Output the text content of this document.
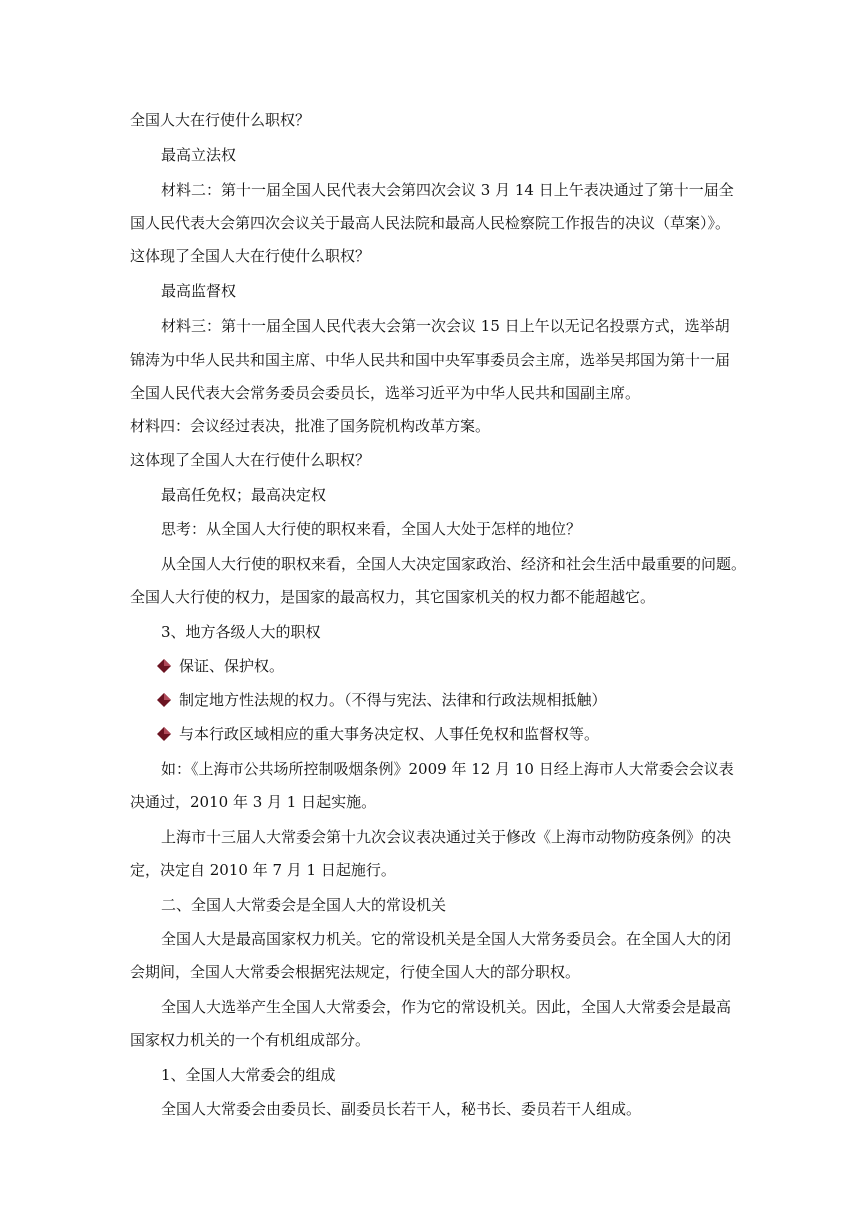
全国人大在行使什么职权？
最高立法权
材料二：第十一届全国人民代表大会第四次会议 3 月 14 日上午表决通过了第十一届全
国人民代表大会第四次会议关于最高人民法院和最高人民检察院工作报告的决议（草案）》。
这体现了全国人大在行使什么职权？
最高监督权
材料三：第十一届全国人民代表大会第一次会议 15 日上午以无记名投票方式，选举胡
锦涛为中华人民共和国主席、中华人民共和国中央军事委员会主席，选举吴邦国为第十一届
全国人民代表大会常务委员会委员长，选举习近平为中华人民共和国副主席。
材料四：会议经过表决，批准了国务院机构改革方案。
这体现了全国人大在行使什么职权？
最高任免权；最高决定权
思考：从全国人大行使的职权来看，全国人大处于怎样的地位？
从全国人大行使的职权来看，全国人大决定国家政治、经济和社会生活中最重要的问题。
全国人大行使的权力，是国家的最高权力，其它国家机关的权力都不能超越它。
3、地方各级人大的职权
保证、保护权。
制定地方性法规的权力。（不得与宪法、法律和行政法规相抵触）
与本行政区域相应的重大事务决定权、人事任免权和监督权等。
如：《上海市公共场所控制吸烟条例》2009 年 12 月 10 日经上海市人大常委会会议表
决通过，2010 年 3 月 1 日起实施。
上海市十三届人大常委会第十九次会议表决通过关于修改《上海市动物防疫条例》的决
定，决定自 2010 年 7 月 1 日起施行。
二、全国人大常委会是全国人大的常设机关
全国人大是最高国家权力机关。它的常设机关是全国人大常务委员会。在全国人大的闭
会期间，全国人大常委会根据宪法规定，行使全国人大的部分职权。
全国人大选举产生全国人大常委会，作为它的常设机关。因此，全国人大常委会是最高
国家权力机关的一个有机组成部分。
1、全国人大常委会的组成
全国人大常委会由委员长、副委员长若干人，秘书长、委员若干人组成。
